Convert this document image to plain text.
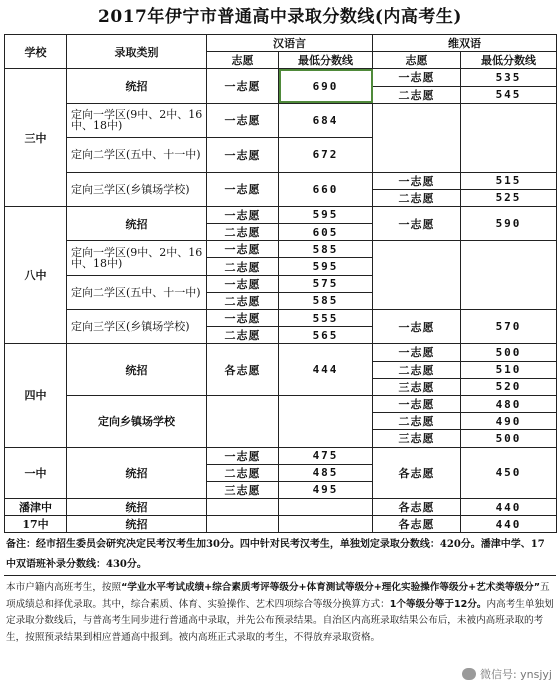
2017年伊宁市普通高中录取分数线(内高考生)
学校	录取类别	汉语言		维双语	
		志愿	最低分数线	志愿	最低分数线
三中	统招	一志愿	690	一志愿	535
				二志愿	545
	定向一学区(9中、2中、16中、18中)	一志愿	684		

	定向二学区(五中、十一中)	一志愿	672		

	定向三学区(乡镇场学校)	一志愿	660	一志愿	515
				二志愿	525
八中	统招	一志愿	595	一志愿	590
		二志愿	605		
	定向一学区(9中、2中、16中、18中)	一志愿	585		
		二志愿	595		
	定向二学区(五中、十一中)	一志愿	575		
		二志愿	585		
	定向三学区(乡镇场学校)	一志愿	555	一志愿	570
		二志愿	565		
四中	统招	各志愿	444	一志愿	500
				二志愿	510
				三志愿	520
	定向乡镇场学校			一志愿	480
				二志愿	490
				三志愿	500
一中	统招	一志愿	475	各志愿	450
		二志愿	485		
		三志愿	495		
潘津中	统招			各志愿	440
17中	统招			各志愿	440
备注：经市招生委员会研究决定民考汉考生加30分。四中针对民考汉考生，单独划定录取分数线：420分。潘津中学、17中双语班补录分数线：430分。
本市户籍内高班考生，按照“学业水平考试成绩+综合素质考评等级分+体育测试等级分+理化实验操作等级分+艺术类等级分”五项成绩总和择优录取。其中，综合素质、体育、实验操作、艺术四项综合等级分换算方式：1个等级分等于12分。内高考生单独划定录取分数线后，与普高考生同步进行普通高中录取，并先公布预录结果。自治区内高班录取结果公布后，未被内高班录取的考生，按照预录结果到相应普通高中报到。被内高班正式录取的考生，不得放弃录取资格。
微信号: ynsjyj
